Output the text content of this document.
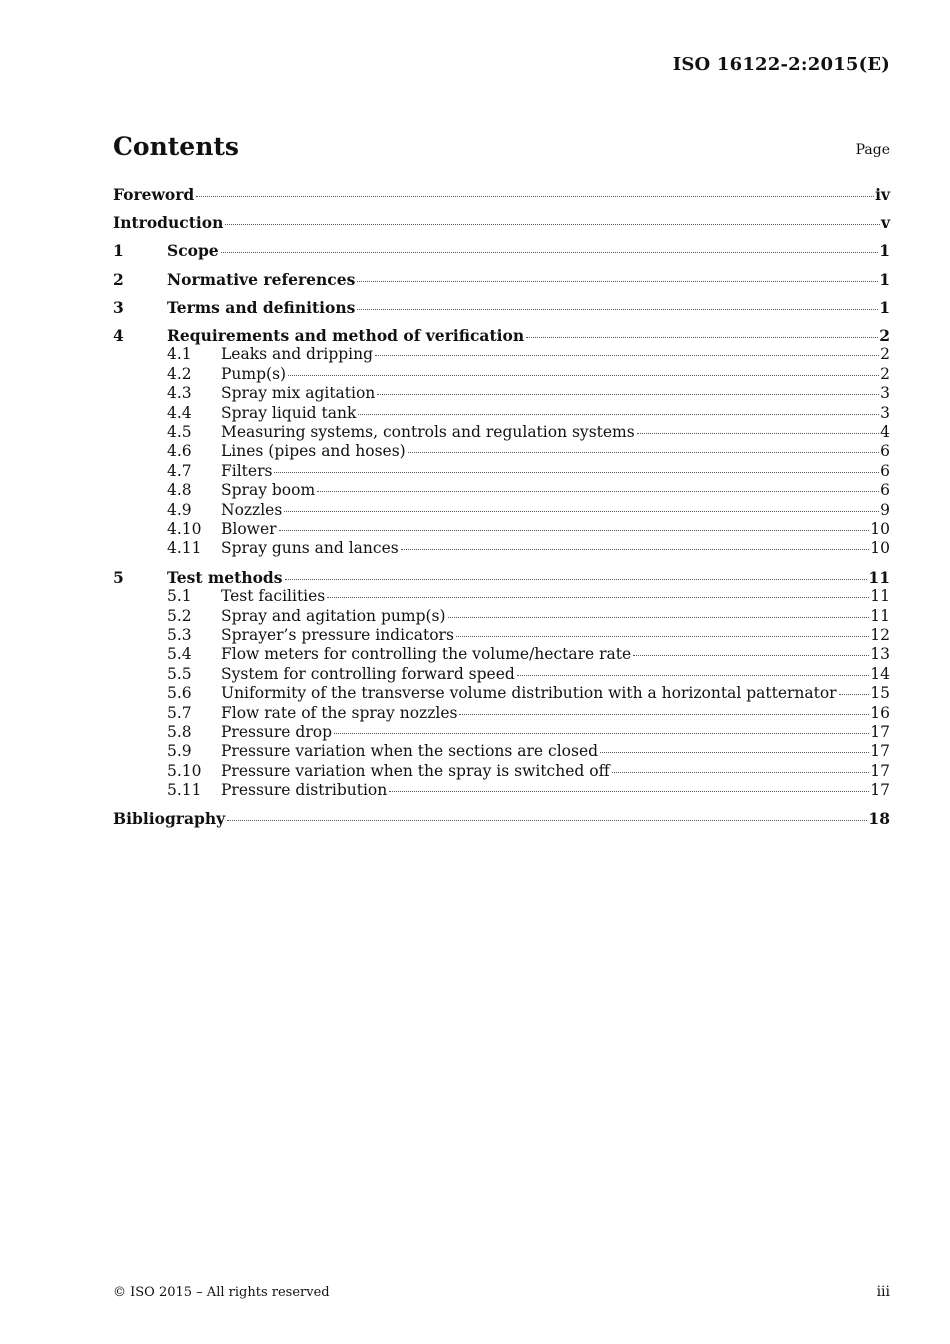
ISO 16122-2:2015(E)
Contents	Page
Foreword	iv
Introduction	v
1	Scope	1
2	Normative references	1
3	Terms and definitions	1
4	Requirements and method of verification	2
4.1	Leaks and dripping	2
4.2	Pump(s)	2
4.3	Spray mix agitation	3
4.4	Spray liquid tank	3
4.5	Measuring systems, controls and regulation systems	4
4.6	Lines (pipes and hoses)	6
4.7	Filters	6
4.8	Spray boom	6
4.9	Nozzles	9
4.10	Blower	10
4.11	Spray guns and lances	10
5	Test methods	11
5.1	Test facilities	11
5.2	Spray and agitation pump(s)	11
5.3	Sprayer’s pressure indicators	12
5.4	Flow meters for controlling the volume/hectare rate	13
5.5	System for controlling forward speed	14
5.6	Uniformity of the transverse volume distribution with a horizontal patternator 15
5.7	Flow rate of the spray nozzles	16
5.8	Pressure drop	17
5.9	Pressure variation when the sections are closed	17
5.10	Pressure variation when the spray is switched off	17
5.11	Pressure distribution	17
Bibliography	18
© ISO 2015 – All rights reserved	iii
